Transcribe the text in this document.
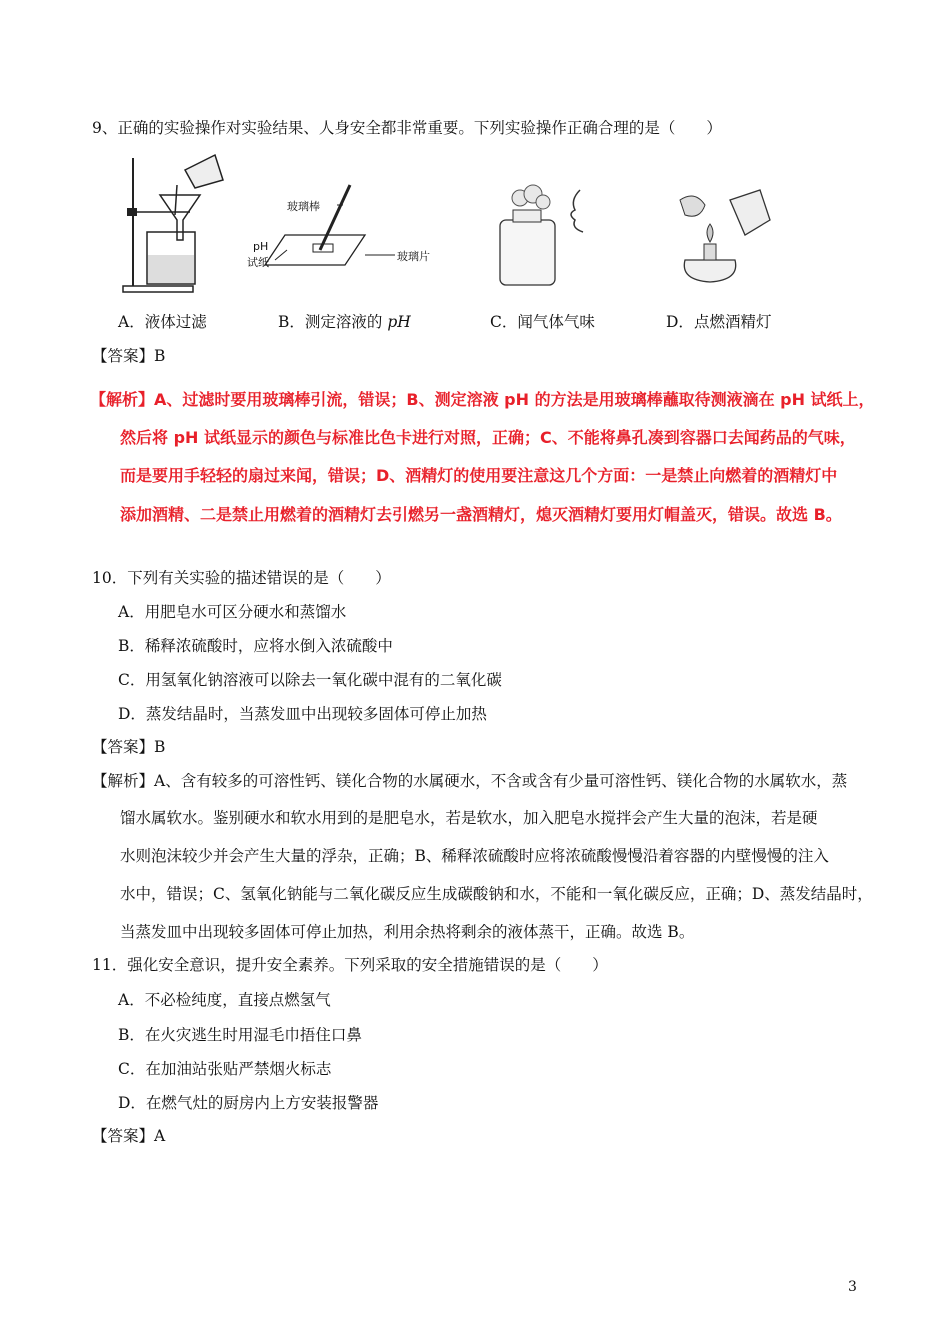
9、正确的实验操作对实验结果、人身安全都非常重要。下列实验操作正确合理的是（　　）
玻璃棒
玻璃片
pH
试纸
A．液体过滤	B．测定溶液的 pH	C．闻气体气味	D．点燃酒精灯
【答案】B
【解析】A、过滤时要用玻璃棒引流，错误；B、测定溶液 pH 的方法是用玻璃棒蘸取待测液滴在 pH 试纸上，
然后将 pH 试纸显示的颜色与标准比色卡进行对照，正确；C、不能将鼻孔凑到容器口去闻药品的气味，
而是要用手轻轻的扇过来闻，错误；D、酒精灯的使用要注意这几个方面：一是禁止向燃着的酒精灯中
添加酒精、二是禁止用燃着的酒精灯去引燃另一盏酒精灯，熄灭酒精灯要用灯帽盖灭，错误。故选 B。
10．下列有关实验的描述错误的是（　　）
A．用肥皂水可区分硬水和蒸馏水
B．稀释浓硫酸时，应将水倒入浓硫酸中
C．用氢氧化钠溶液可以除去一氧化碳中混有的二氧化碳
D．蒸发结晶时，当蒸发皿中出现较多固体可停止加热
【答案】B
【解析】A、含有较多的可溶性钙、镁化合物的水属硬水，不含或含有少量可溶性钙、镁化合物的水属软水，蒸
馏水属软水。鉴别硬水和软水用到的是肥皂水，若是软水，加入肥皂水搅拌会产生大量的泡沫，若是硬
水则泡沫较少并会产生大量的浮杂，正确；B、稀释浓硫酸时应将浓硫酸慢慢沿着容器的内壁慢慢的注入
水中，错误；C、氢氧化钠能与二氧化碳反应生成碳酸钠和水，不能和一氧化碳反应，正确；D、蒸发结晶时，
当蒸发皿中出现较多固体可停止加热，利用余热将剩余的液体蒸干，正确。故选 B。
11．强化安全意识，提升安全素养。下列采取的安全措施错误的是（　　）
A．不必检纯度，直接点燃氢气
B．在火灾逃生时用湿毛巾捂住口鼻
C．在加油站张贴严禁烟火标志
D．在燃气灶的厨房内上方安装报警器
【答案】A
3
